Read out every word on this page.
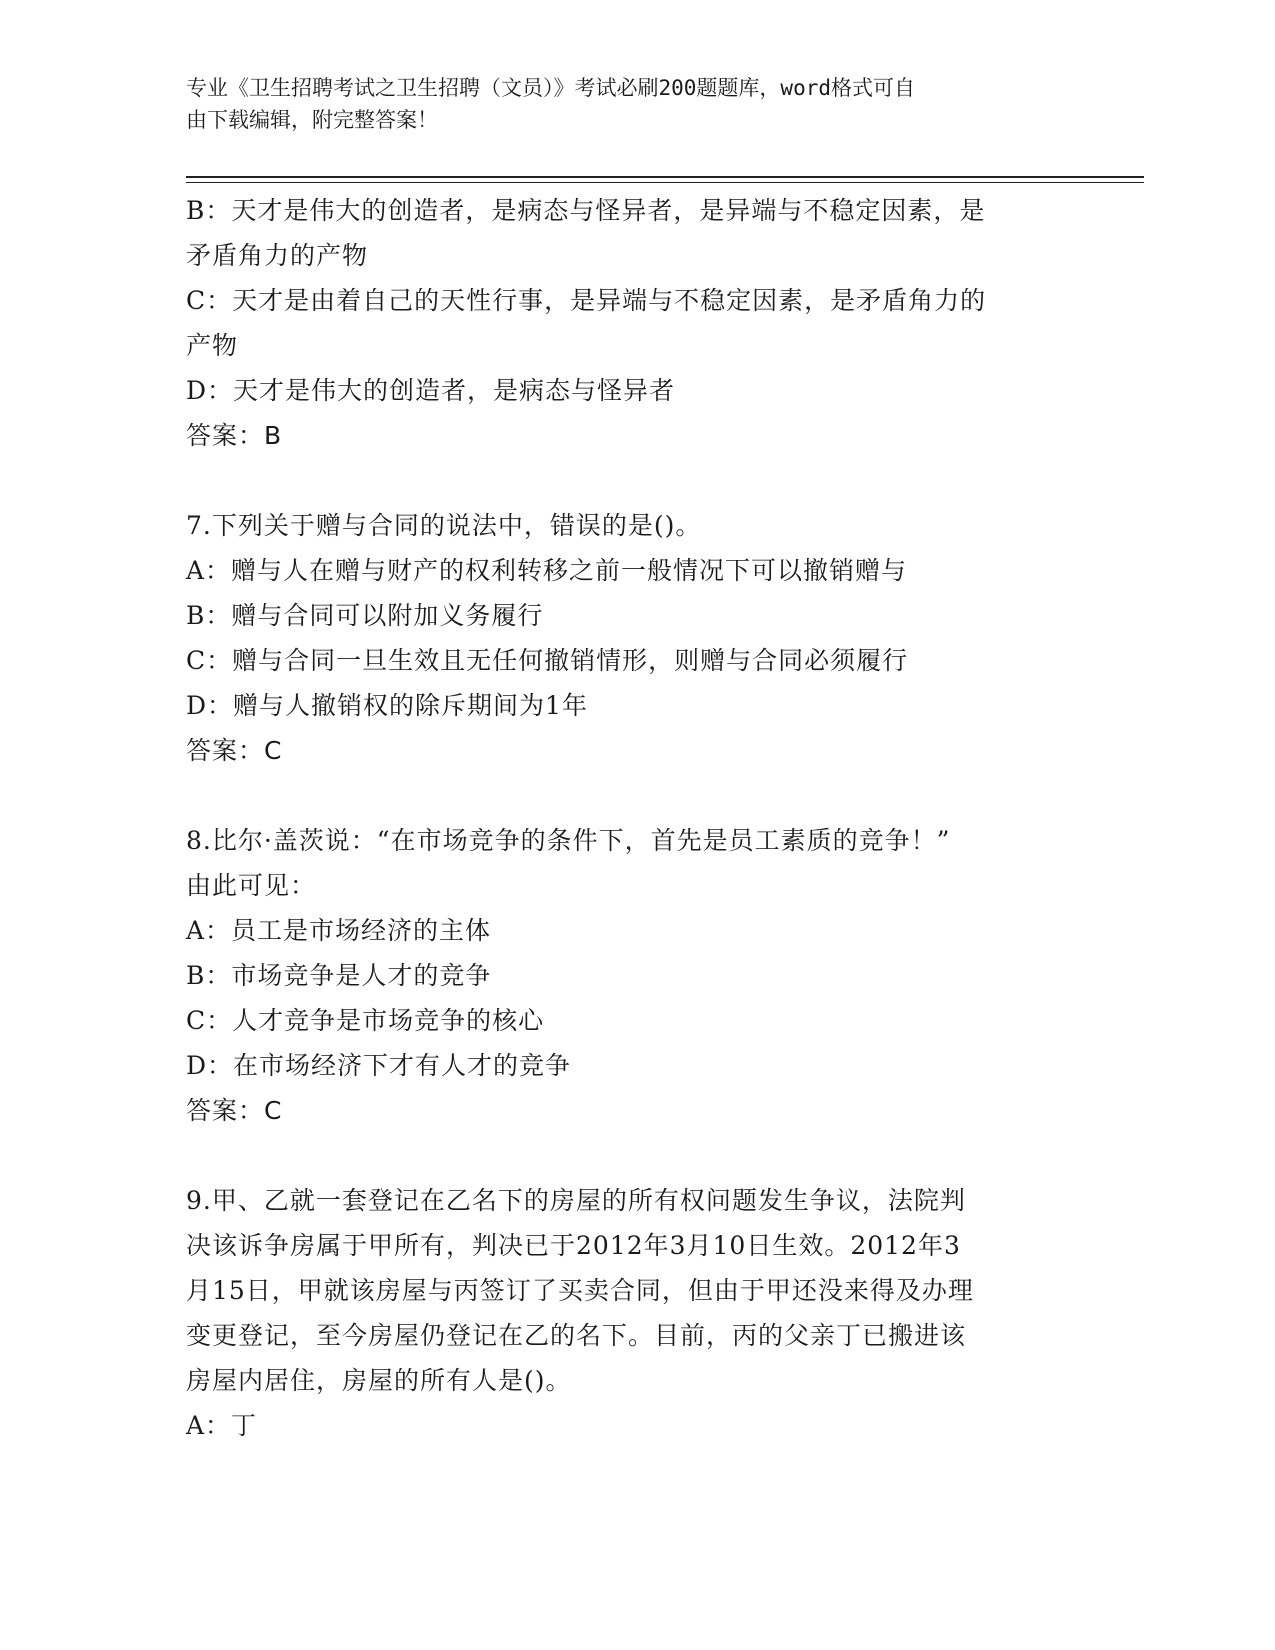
专业《卫生招聘考试之卫生招聘（文员）》考试必刷200题题库，word格式可自
由下载编辑，附完整答案！
B：天才是伟大的创造者，是病态与怪异者，是异端与不稳定因素，是
矛盾角力的产物
C：天才是由着自己的天性行事，是异端与不稳定因素，是矛盾角力的
产物
D：天才是伟大的创造者，是病态与怪异者
答案：B
7.下列关于赠与合同的说法中，错误的是()。
A：赠与人在赠与财产的权利转移之前一般情况下可以撤销赠与
B：赠与合同可以附加义务履行
C：赠与合同一旦生效且无任何撤销情形，则赠与合同必须履行
D：赠与人撤销权的除斥期间为1年
答案：C
8.比尔·盖茨说：“在市场竞争的条件下，首先是员工素质的竞争！”
由此可见：
A：员工是市场经济的主体
B：市场竞争是人才的竞争
C：人才竞争是市场竞争的核心
D：在市场经济下才有人才的竞争
答案：C
9.甲、乙就一套登记在乙名下的房屋的所有权问题发生争议，法院判
决该诉争房属于甲所有，判决已于2012年3月10日生效。2012年3
月15日，甲就该房屋与丙签订了买卖合同，但由于甲还没来得及办理
变更登记，至今房屋仍登记在乙的名下。目前，丙的父亲丁已搬进该
房屋内居住，房屋的所有人是()。
A：丁
